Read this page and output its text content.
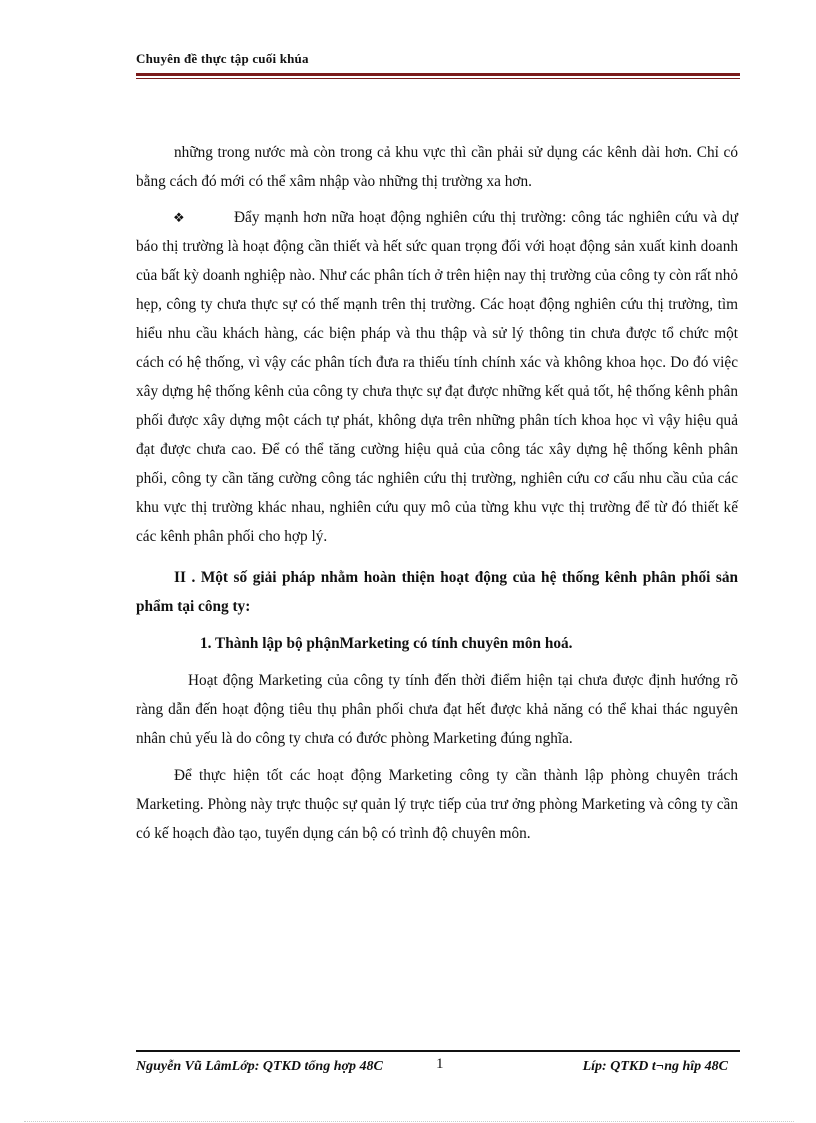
Chuyên đề thực tập cuối khúa

những trong nước mà còn trong cả khu vực thì cần phải sử dụng các kênh dài hơn. Chỉ có bằng cách đó mới có thể xâm nhập vào những thị trường xa hơn.

❖	Đẩy mạnh hơn nữa hoạt động nghiên cứu thị trường: công tác nghiên cứu và dự báo thị trường là hoạt động cần thiết và hết sức quan trọng đối với hoạt động sản xuất kinh doanh của bất kỳ doanh nghiệp nào. Như các phân tích ở trên hiện nay thị trường của công ty còn rất nhỏ hẹp, công ty chưa thực sự có thế mạnh trên thị trường. Các hoạt động nghiên cứu thị trường, tìm hiểu nhu cầu khách hàng, các biện pháp và thu thập và sử lý thông tin chưa được tổ chức một cách có hệ thống, vì vậy các phân tích đưa ra thiếu tính chính xác và không khoa học. Do đó việc xây dựng hệ thống kênh của công ty chưa thực sự đạt được những kết quả tốt, hệ thống kênh phân phối được xây dựng một cách tự phát, không dựa trên những phân tích khoa học vì vậy hiệu quả đạt được chưa cao. Để có thể tăng cường hiệu quả của công tác xây dựng hệ thống kênh phân phối, công ty cần tăng cường công tác nghiên cứu thị trường, nghiên cứu cơ cấu nhu cầu của các khu vực thị trường khác nhau, nghiên cứu quy mô của từng khu vực thị trường để từ đó thiết kế các kênh phân phối cho hợp lý.

II . Một số giải pháp nhằm hoàn thiện hoạt động của hệ thống kênh phân phối sản phẩm tại công ty:

1. Thành lập bộ phậnMarketing có tính chuyên môn hoá.

Hoạt động Marketing của công ty tính đến thời điểm hiện tại chưa được định hướng rõ ràng dẫn đến hoạt động tiêu thụ phân phối chưa đạt hết được khả năng có thể khai thác nguyên nhân chủ yếu là do công ty chưa có đước phòng Marketing đúng nghĩa.

Để thực hiện tốt các hoạt động Marketing công ty cần thành lập phòng chuyên trách Marketing. Phòng này trực thuộc sự quản lý trực tiếp của trư ởng phòng Marketing và công ty cần có kế hoạch đào tạo, tuyển dụng cán bộ có trình độ chuyên môn.

Nguyễn Vũ LâmLớp: QTKD tổng hợp 48C	1	Líp: QTKD t¬ng hîp 48C
